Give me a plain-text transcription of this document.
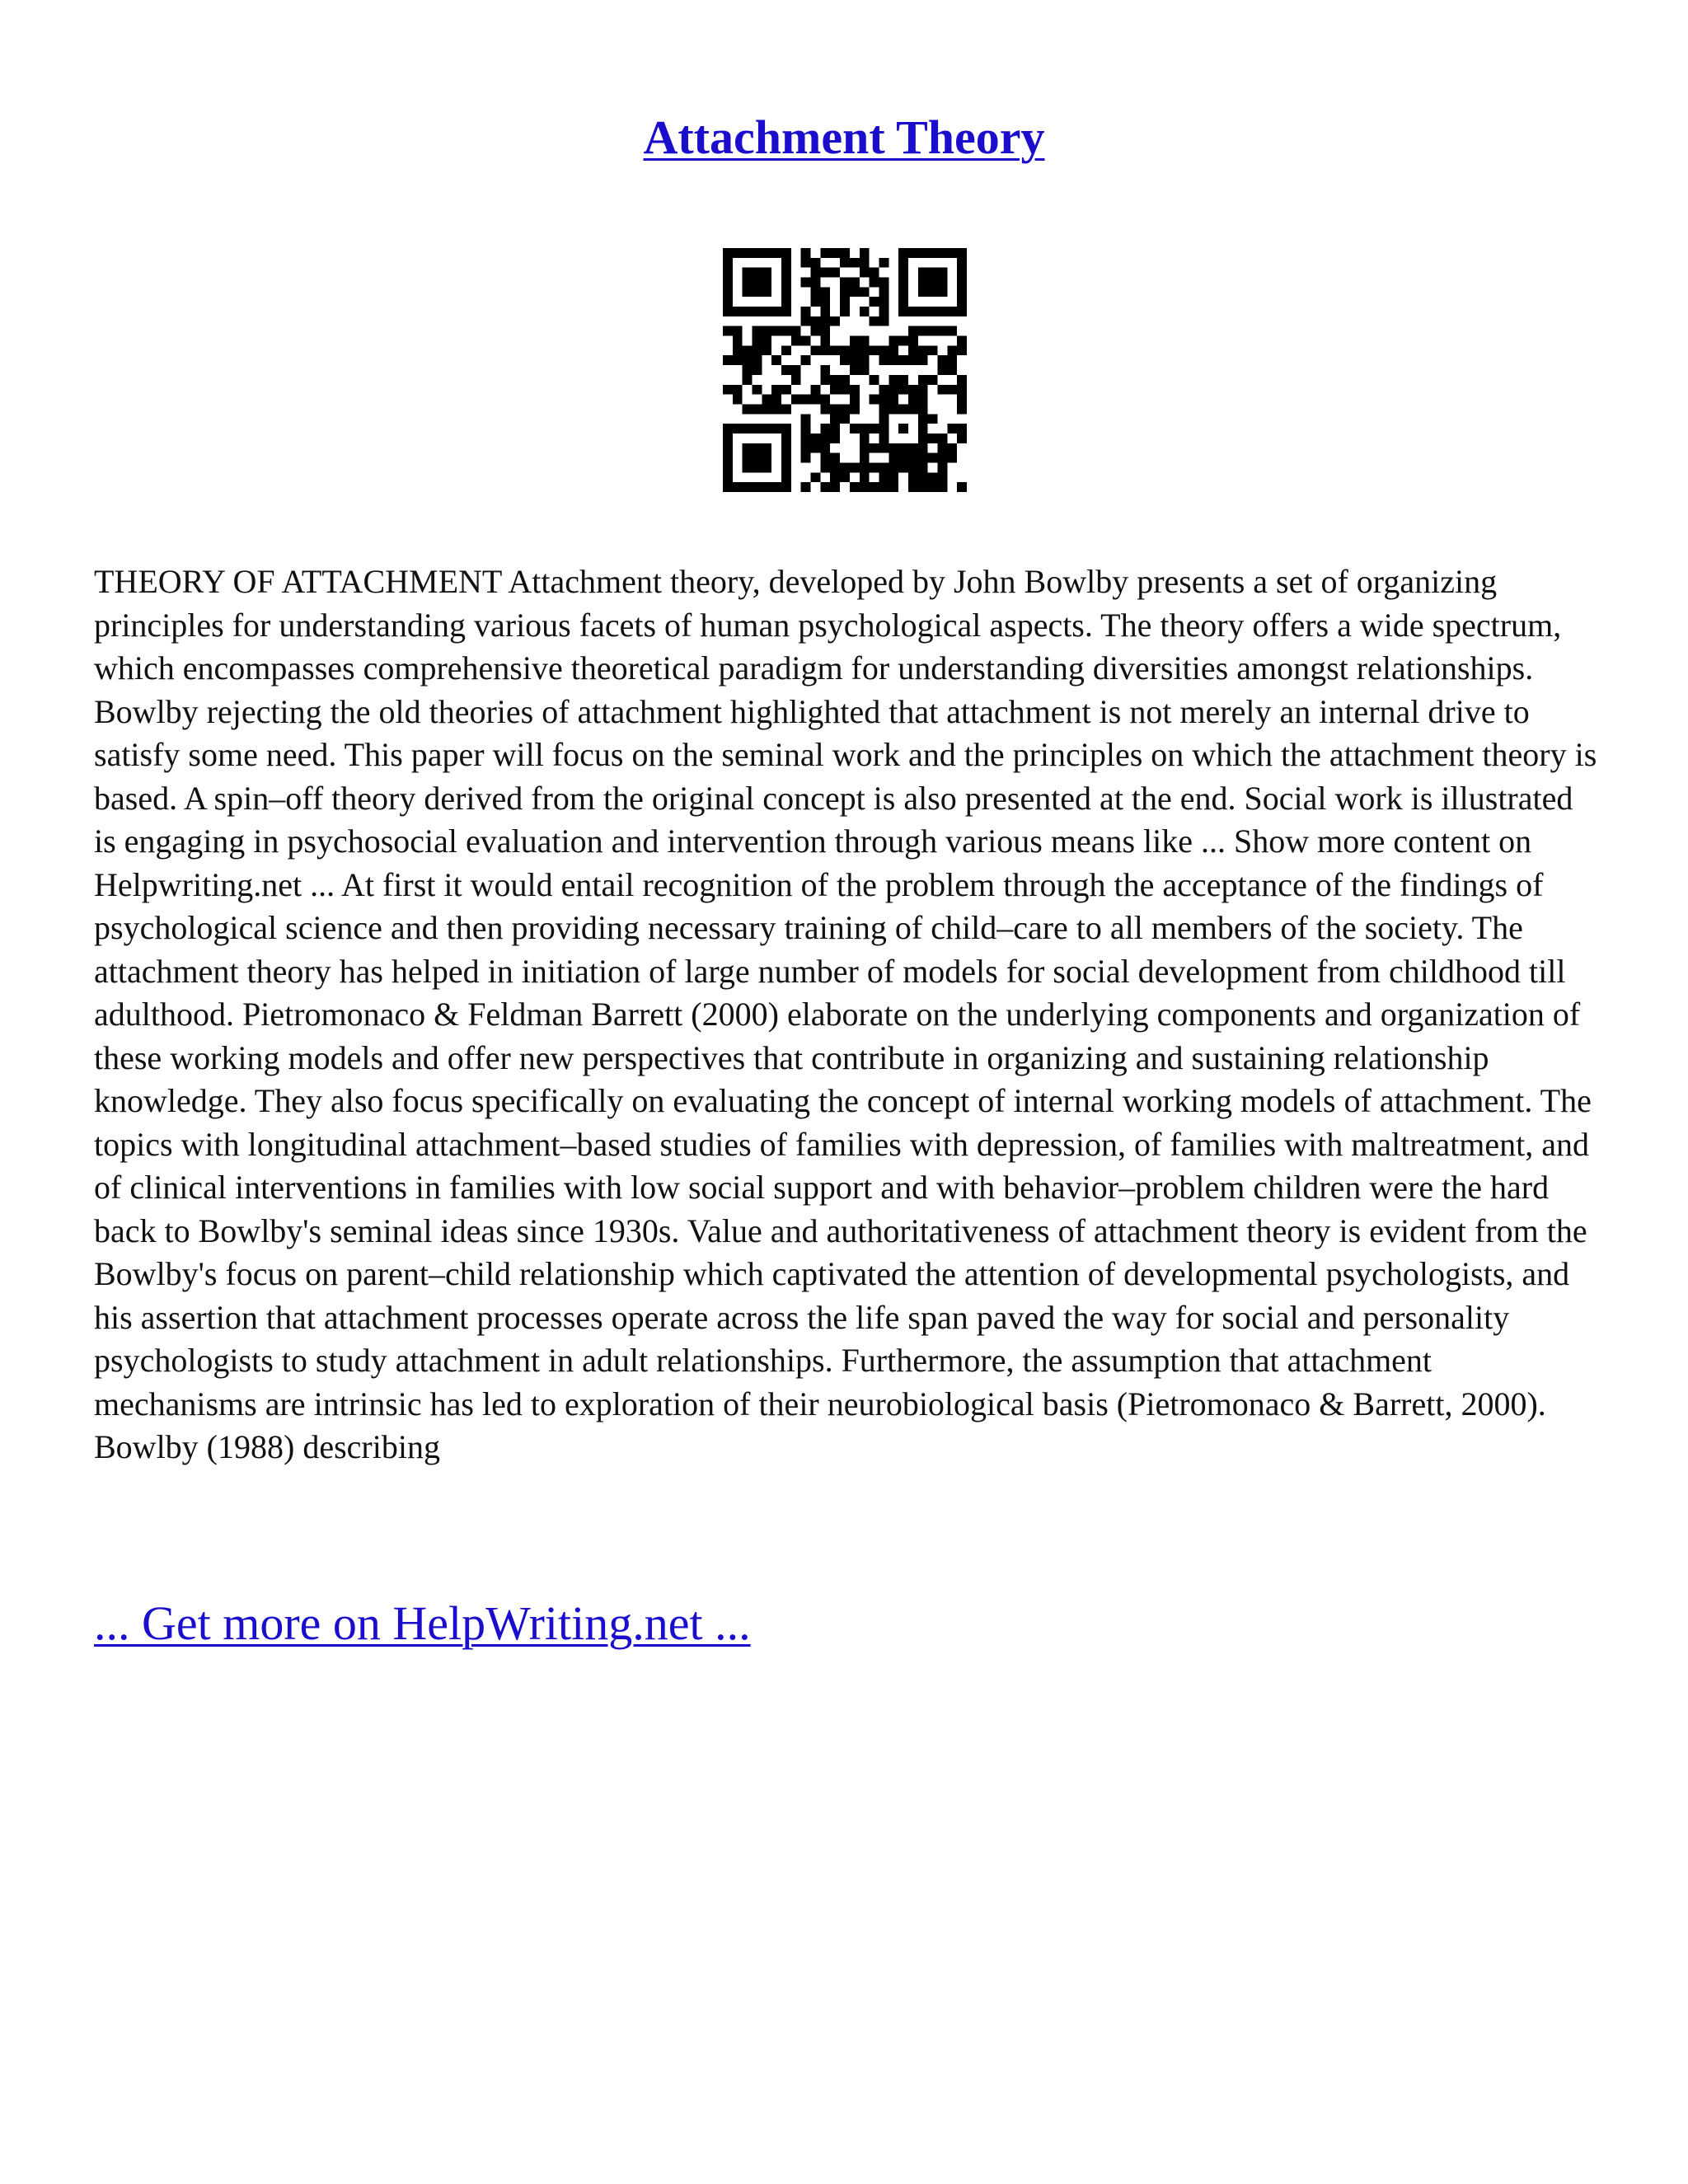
Attachment Theory

THEORY OF ATTACHMENT Attachment theory, developed by John Bowlby presents a set of organizing principles for understanding various facets of human psychological aspects. The theory offers a wide spectrum, which encompasses comprehensive theoretical paradigm for understanding diversities amongst relationships. Bowlby rejecting the old theories of attachment highlighted that attachment is not merely an internal drive to satisfy some need. This paper will focus on the seminal work and the principles on which the attachment theory is based. A spin–off theory derived from the original concept is also presented at the end. Social work is illustrated is engaging in psychosocial evaluation and intervention through various means like ... Show more content on Helpwriting.net ... At first it would entail recognition of the problem through the acceptance of the findings of psychological science and then providing necessary training of child–care to all members of the society. The attachment theory has helped in initiation of large number of models for social development from childhood till adulthood. Pietromonaco & Feldman Barrett (2000) elaborate on the underlying components and organization of these working models and offer new perspectives that contribute in organizing and sustaining relationship knowledge. They also focus specifically on evaluating the concept of internal working models of attachment. The topics with longitudinal attachment–based studies of families with depression, of families with maltreatment, and of clinical interventions in families with low social support and with behavior–problem children were the hard back to Bowlby's seminal ideas since 1930s. Value and authoritativeness of attachment theory is evident from the Bowlby's focus on parent–child relationship which captivated the attention of developmental psychologists, and his assertion that attachment processes operate across the life span paved the way for social and personality psychologists to study attachment in adult relationships. Furthermore, the assumption that attachment mechanisms are intrinsic has led to exploration of their neurobiological basis (Pietromonaco & Barrett, 2000). Bowlby (1988) describing

... Get more on HelpWriting.net ...
